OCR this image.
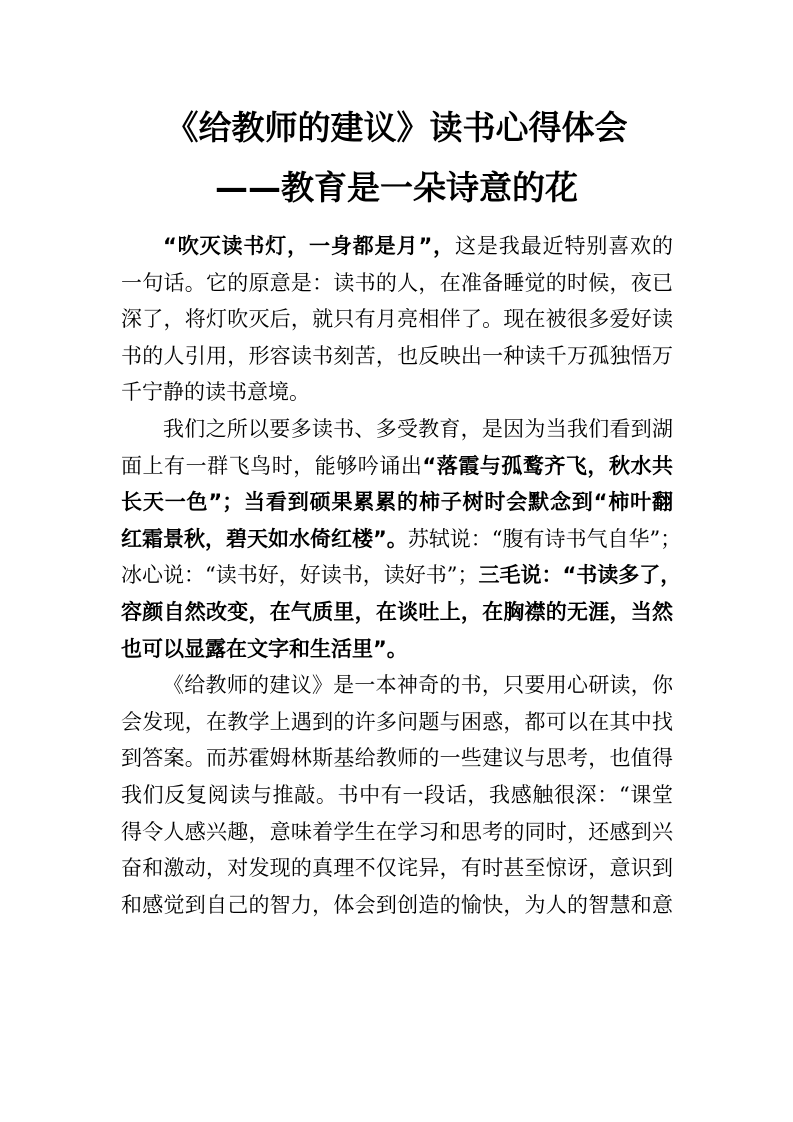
《给教师的建议》读书心得体会
——教育是一朵诗意的花
“吹灭读书灯，一身都是月”，这是我最近特别喜欢的
一句话。它的原意是：读书的人，在准备睡觉的时候，夜已
深了，将灯吹灭后，就只有月亮相伴了。现在被很多爱好读
书的人引用，形容读书刻苦，也反映出一种读千万孤独悟万
千宁静的读书意境。
我们之所以要多读书、多受教育，是因为当我们看到湖
面上有一群飞鸟时，能够吟诵出“落霞与孤鹜齐飞，秋水共
长天一色”；当看到硕果累累的柿子树时会默念到“柿叶翻
红霜景秋，碧天如水倚红楼”。苏轼说：“腹有诗书气自华”；
冰心说：“读书好，好读书，读好书”；三毛说：“书读多了，
容颜自然改变，在气质里，在谈吐上，在胸襟的无涯，当然
也可以显露在文字和生活里”。
《给教师的建议》是一本神奇的书，只要用心研读，你
会发现，在教学上遇到的许多问题与困惑，都可以在其中找
到答案。而苏霍姆林斯基给教师的一些建议与思考，也值得
我们反复阅读与推敲。书中有一段话，我感触很深：“课堂
得令人感兴趣，意味着学生在学习和思考的同时，还感到兴
奋和激动，对发现的真理不仅诧异，有时甚至惊讶，意识到
和感觉到自己的智力，体会到创造的愉快，为人的智慧和意
